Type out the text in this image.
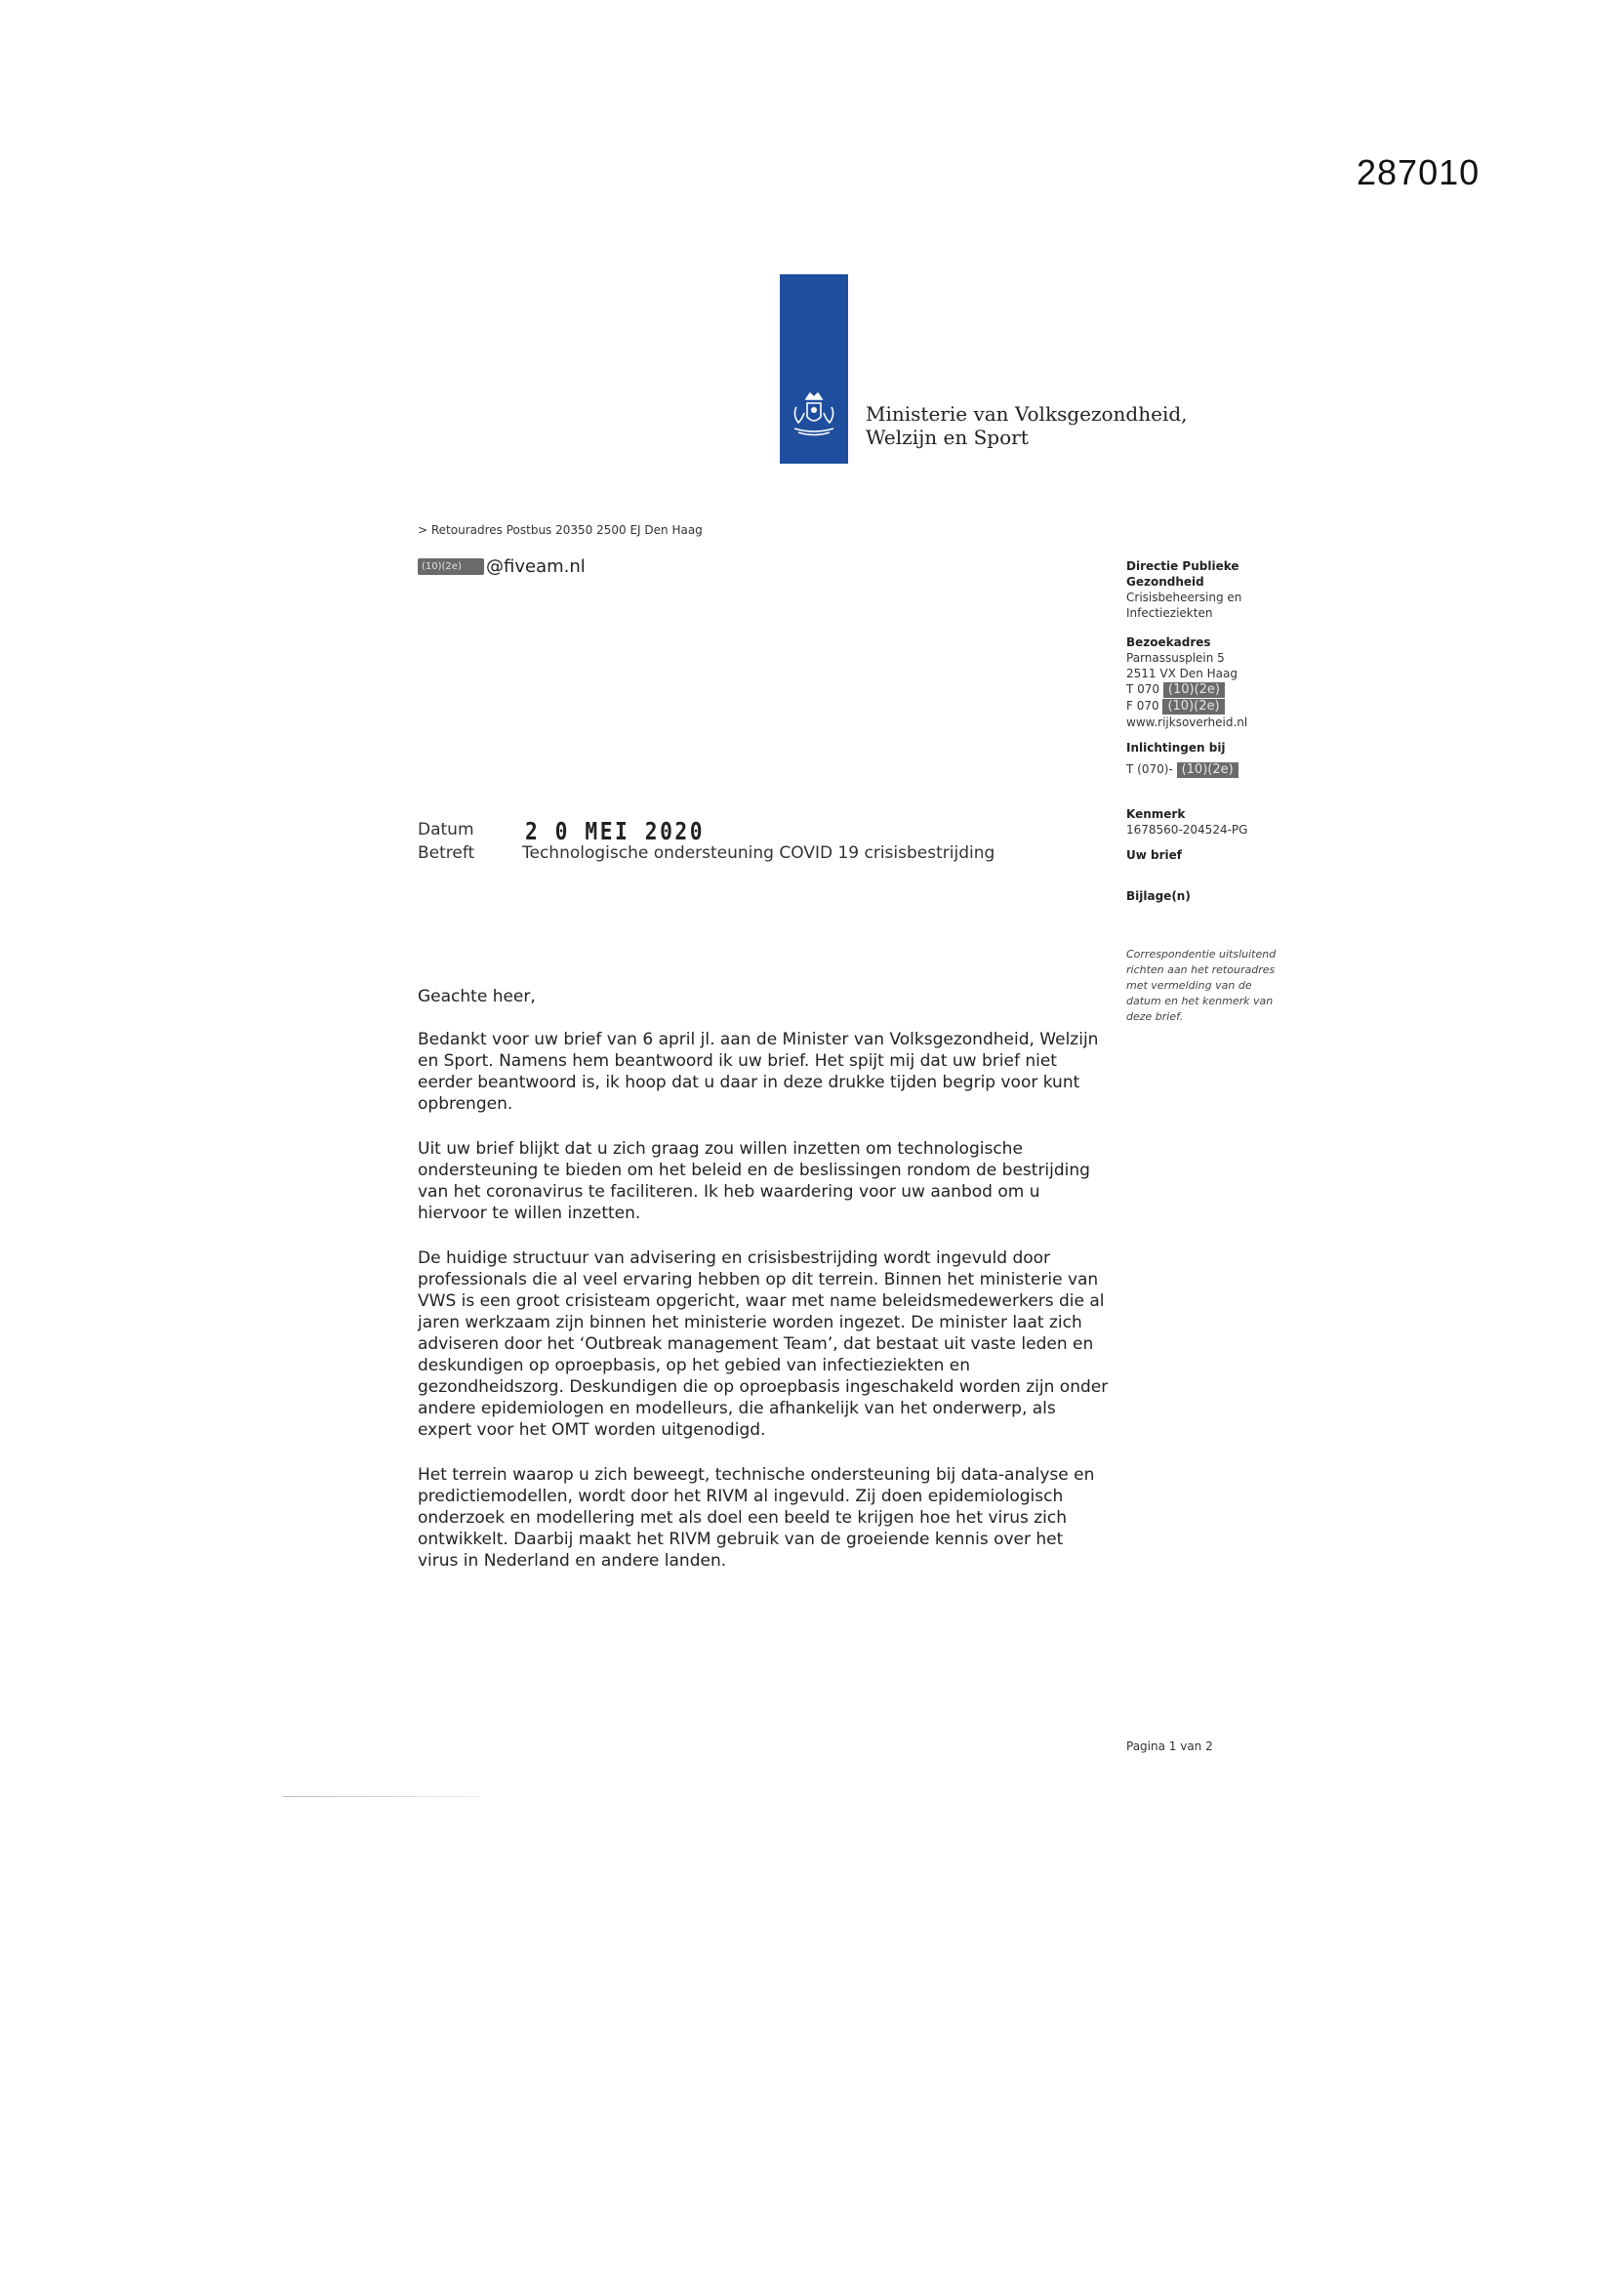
287010
Ministerie van Volksgezondheid,
Welzijn en Sport
> Retouradres Postbus 20350 2500 EJ Den Haag
(10)(2e)	@fiveam.nl	Directie Publieke
Gezondheid
Crisisbeheersing en
Infectieziekten
Bezoekadres
Parnassusplein 5
2511 VX Den Haag
T 070 (10)(2e)
F 070 (10)(2e)
www.rijksoverheid.nl
Inlichtingen bij
T (070)- (10)(2e)
Kenmerk
1678560-204524-PG
Uw brief
Bijlage(n)
Correspondentie uitsluitend
richten aan het retouradres
met vermelding van de
datum en het kenmerk van
deze brief.
Datum 2 0 MEI 2020
Betreft	Technologische ondersteuning COVID 19 crisisbestrijding
Geachte heer,
Bedankt voor uw brief van 6 april jl. aan de Minister van Volksgezondheid, Welzijn
en Sport. Namens hem beantwoord ik uw brief. Het spijt mij dat uw brief niet
eerder beantwoord is, ik hoop dat u daar in deze drukke tijden begrip voor kunt
opbrengen.
Uit uw brief blijkt dat u zich graag zou willen inzetten om technologische
ondersteuning te bieden om het beleid en de beslissingen rondom de bestrijding
van het coronavirus te faciliteren. Ik heb waardering voor uw aanbod om u
hiervoor te willen inzetten.
De huidige structuur van advisering en crisisbestrijding wordt ingevuld door
professionals die al veel ervaring hebben op dit terrein. Binnen het ministerie van
VWS is een groot crisisteam opgericht, waar met name beleidsmedewerkers die al
jaren werkzaam zijn binnen het ministerie worden ingezet. De minister laat zich
adviseren door het ‘Outbreak management Team’, dat bestaat uit vaste leden en
deskundigen op oproepbasis, op het gebied van infectieziekten en
gezondheidszorg. Deskundigen die op oproepbasis ingeschakeld worden zijn onder
andere epidemiologen en modelleurs, die afhankelijk van het onderwerp, als
expert voor het OMT worden uitgenodigd.
Het terrein waarop u zich beweegt, technische ondersteuning bij data-analyse en
predictiemodellen, wordt door het RIVM al ingevuld. Zij doen epidemiologisch
onderzoek en modellering met als doel een beeld te krijgen hoe het virus zich
ontwikkelt. Daarbij maakt het RIVM gebruik van de groeiende kennis over het
virus in Nederland en andere landen.
Pagina 1 van 2
